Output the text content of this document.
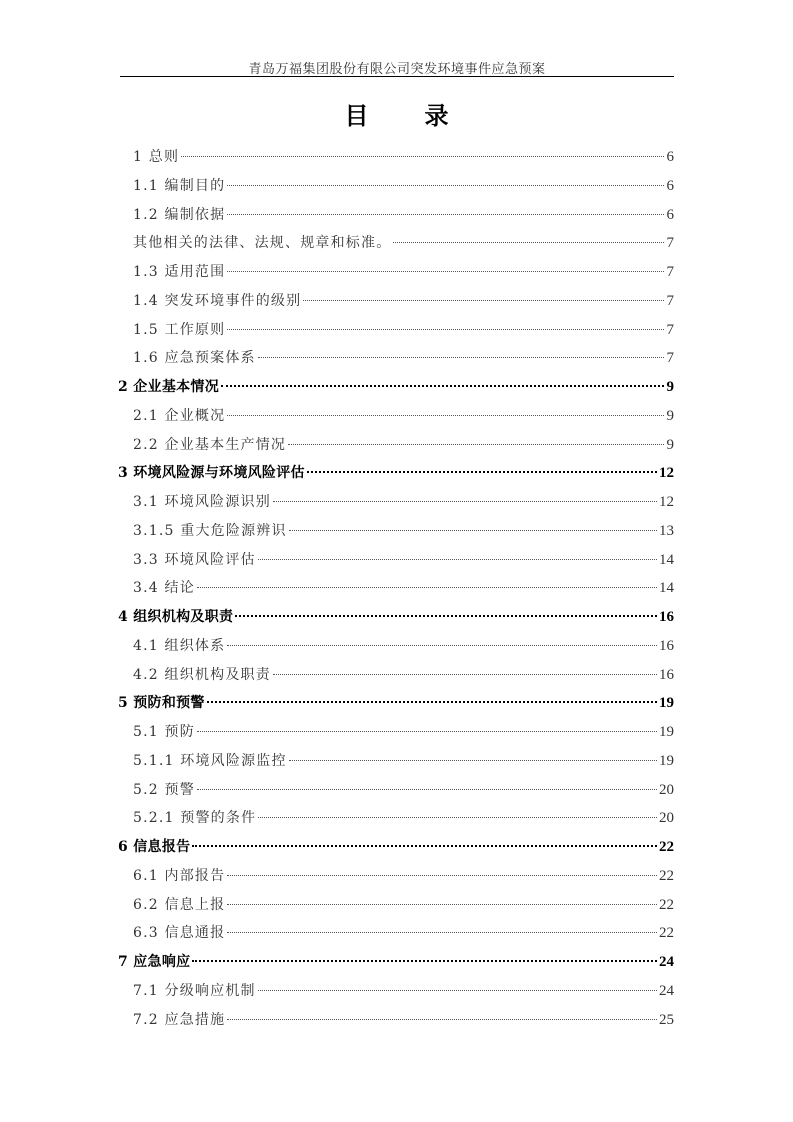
青岛万福集团股份有限公司突发环境事件应急预案
目 录
1 总则	6
1.1 编制目的	6
1.2 编制依据	6
其他相关的法律、法规、规章和标准。	7
1.3 适用范围	7
1.4 突发环境事件的级别	7
1.5 工作原则	7
1.6 应急预案体系	7
2 企业基本情况	9
2.1 企业概况	9
2.2 企业基本生产情况	9
3 环境风险源与环境风险评估	12
3.1 环境风险源识别	12
3.1.5 重大危险源辨识	13
3.3 环境风险评估	14
3.4 结论	14
4 组织机构及职责	16
4.1 组织体系	16
4.2 组织机构及职责	16
5 预防和预警	19
5.1 预防	19
5.1.1 环境风险源监控	19
5.2 预警	20
5.2.1 预警的条件	20
6 信息报告	22
6.1 内部报告	22
6.2 信息上报	22
6.3 信息通报	22
7 应急响应	24
7.1 分级响应机制	24
7.2 应急措施	25
